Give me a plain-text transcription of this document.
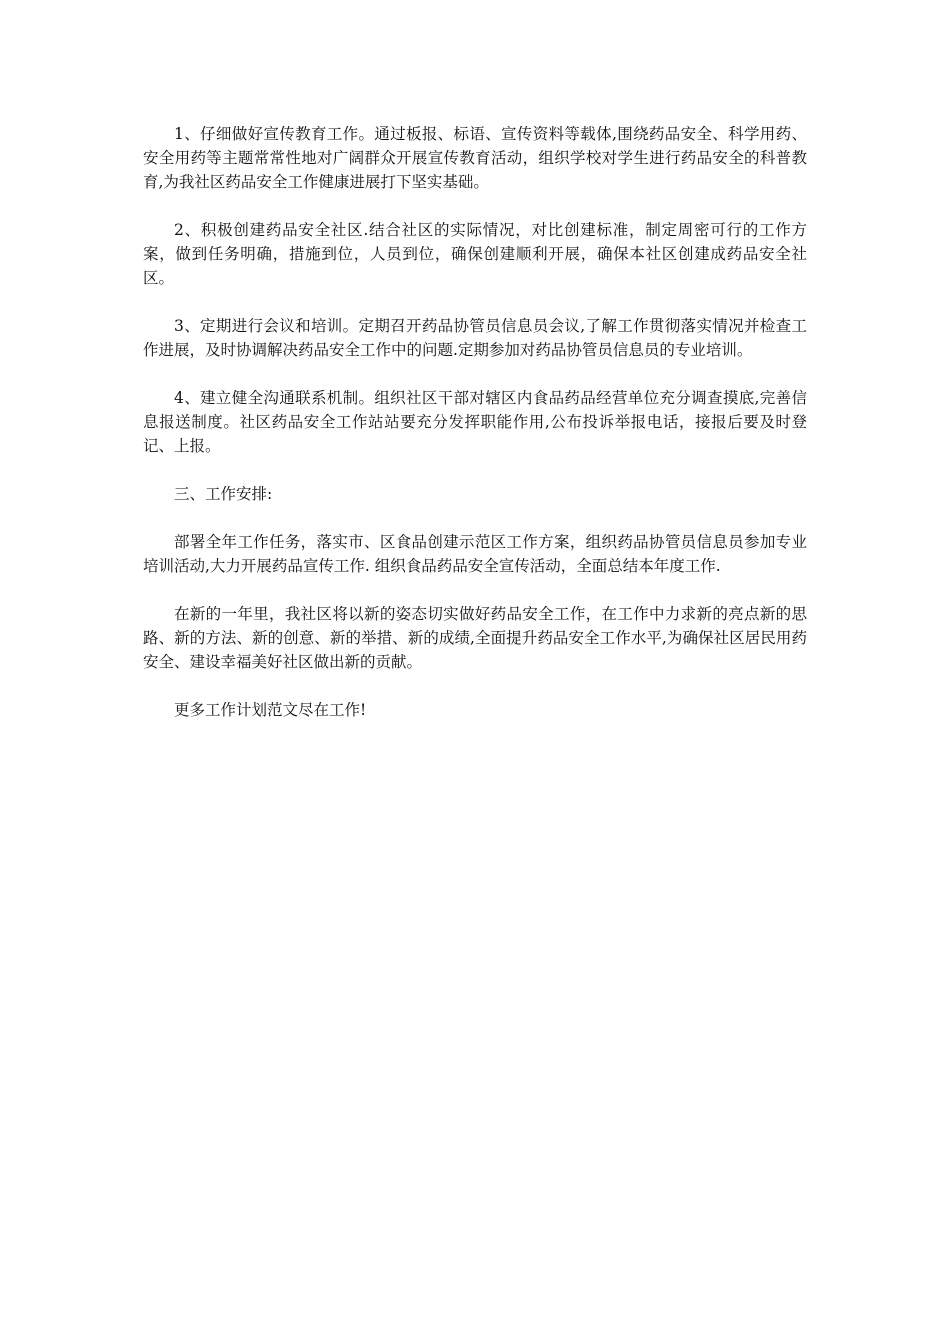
1、仔细做好宣传教育工作。通过板报、标语、宣传资料等载体,围绕药品安全、科学用药、安全用药等主题常常性地对广阔群众开展宣传教育活动，组织学校对学生进行药品安全的科普教育,为我社区药品安全工作健康进展打下坚实基础。

2、积极创建药品安全社区.结合社区的实际情况，对比创建标准，制定周密可行的工作方案，做到任务明确，措施到位，人员到位，确保创建顺利开展，确保本社区创建成药品安全社区。

3、定期进行会议和培训。定期召开药品协管员信息员会议,了解工作贯彻落实情况并检查工作进展，及时协调解决药品安全工作中的问题.定期参加对药品协管员信息员的专业培训。

4、建立健全沟通联系机制。组织社区干部对辖区内食品药品经营单位充分调查摸底,完善信息报送制度。社区药品安全工作站站要充分发挥职能作用,公布投诉举报电话，接报后要及时登记、上报。

三、工作安排:

部署全年工作任务，落实市、区食品创建示范区工作方案，组织药品协管员信息员参加专业培训活动,大力开展药品宣传工作. 组织食品药品安全宣传活动，全面总结本年度工作.

在新的一年里，我社区将以新的姿态切实做好药品安全工作，在工作中力求新的亮点新的思路、新的方法、新的创意、新的举措、新的成绩,全面提升药品安全工作水平,为确保社区居民用药安全、建设幸福美好社区做出新的贡献。

更多工作计划范文尽在工作!
